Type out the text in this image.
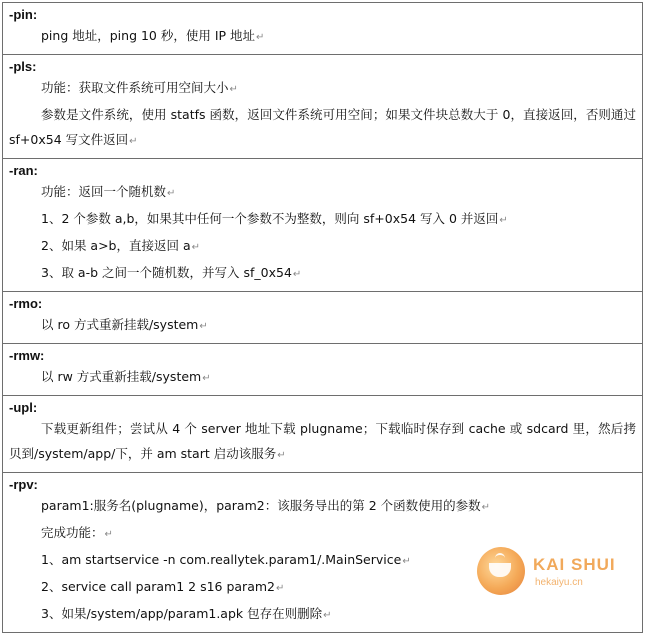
-pin:
ping 地址，ping 10 秒，使用 IP 地址↵
-pls:
功能：获取文件系统可用空间大小↵
参数是文件系统，使用 statfs 函数，返回文件系统可用空间；如果文件块总数大于 0，直接返回，否则通过 sf+0x54 写文件返回↵
-ran:
功能：返回一个随机数↵
1、2 个参数 a,b，如果其中任何一个参数不为整数，则向 sf+0x54 写入 0 并返回↵
2、如果 a>b，直接返回 a↵
3、取 a-b 之间一个随机数，并写入 sf_0x54↵
-rmo:
以 ro 方式重新挂载/system↵
-rmw:
以 rw 方式重新挂载/system↵
-upl:
下载更新组件；尝试从 4 个 server 地址下载 plugname；下载临时保存到 cache 或 sdcard 里，然后拷贝到/system/app/下，并 am start 启动该服务↵
-rpv:
param1:服务名(plugname)，param2：该服务导出的第 2 个函数使用的参数↵
完成功能：↵
1、am startservice -n com.reallytek.param1/.MainService↵
2、service call param1 2 s16 param2↵
3、如果/system/app/param1.apk 包存在则删除↵
KAI SHUI
hekaiyu.cn
